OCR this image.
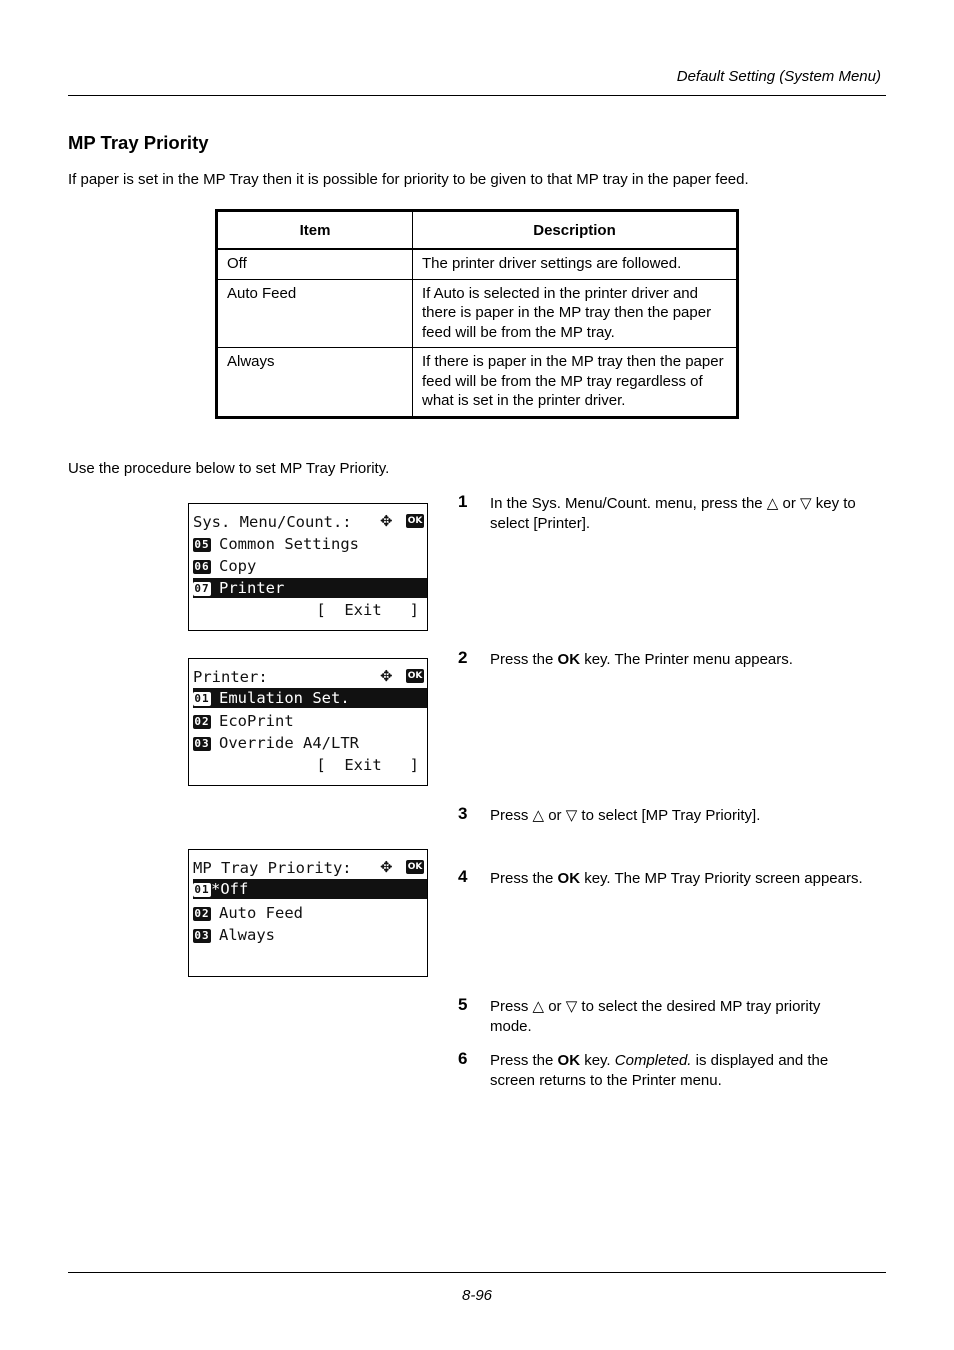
Default Setting (System Menu)
MP Tray Priority
If paper is set in the MP Tray then it is possible for priority to be given to that MP tray in the paper feed.
Item	Description
Off	The printer driver settings are followed.
Auto Feed	If Auto is selected in the printer driver and there is paper in the MP tray then the paper feed will be from the MP tray.
Always	If there is paper in the MP tray then the paper feed will be from the MP tray regardless of what is set in the printer driver.
Use the procedure below to set MP Tray Priority.
Sys. Menu/Count.:	✥ OK
05 Common Settings
06 Copy
07 Printer
[  Exit   ]
Printer:	✥ OK
01 Emulation Set.
02 EcoPrint
03 Override A4/LTR
[  Exit   ]
MP Tray Priority:	✥ OK
01*Off
02 Auto Feed
03 Always
1 In the Sys. Menu/Count. menu, press the △ or ▽ key to select [Printer].
2 Press the OK key. The Printer menu appears.
3 Press △ or ▽ to select [MP Tray Priority].
4 Press the OK key. The MP Tray Priority screen appears.
5 Press △ or ▽ to select the desired MP tray priority mode.
6 Press the OK key. Completed. is displayed and the screen returns to the Printer menu.
8-96
